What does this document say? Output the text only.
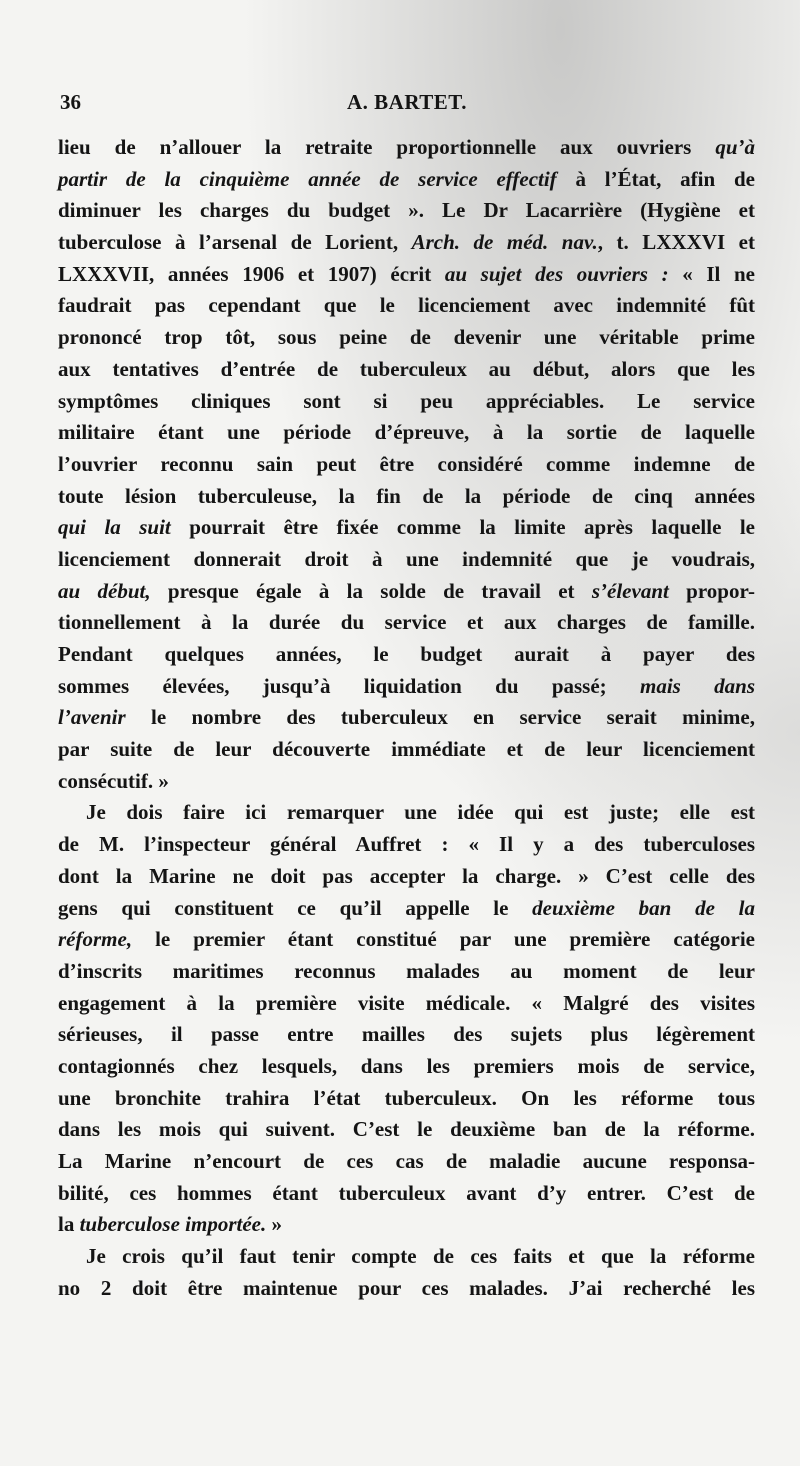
36	A. BARTET.
lieu de n’allouer la retraite proportionnelle aux ouvriers qu’à
partir de la cinquième année de service effectif à l’État, afin de
diminuer les charges du budget ». Le Dr Lacarrière (Hygiène et
tuberculose à l’arsenal de Lorient, Arch. de méd. nav., t. LXXXVI et
LXXXVII, années 1906 et 1907) écrit au sujet des ouvriers : « Il ne
faudrait pas cependant que le licenciement avec indemnité fût
prononcé trop tôt, sous peine de devenir une véritable prime
aux tentatives d’entrée de tuberculeux au début, alors que les
symptômes cliniques sont si peu appréciables. Le service
militaire étant une période d’épreuve, à la sortie de laquelle
l’ouvrier reconnu sain peut être considéré comme indemne de
toute lésion tuberculeuse, la fin de la période de cinq années
qui la suit pourrait être fixée comme la limite après laquelle le
licenciement donnerait droit à une indemnité que je voudrais,
au début, presque égale à la solde de travail et s’élevant propor-
tionnellement à la durée du service et aux charges de famille.
Pendant quelques années, le budget aurait à payer des
sommes élevées, jusqu’à liquidation du passé; mais dans
l’avenir le nombre des tuberculeux en service serait minime,
par suite de leur découverte immédiate et de leur licenciement
consécutif. »
Je dois faire ici remarquer une idée qui est juste; elle est
de M. l’inspecteur général Auffret : « Il y a des tuberculoses
dont la Marine ne doit pas accepter la charge. » C’est celle des
gens qui constituent ce qu’il appelle le deuxième ban de la
réforme, le premier étant constitué par une première catégorie
d’inscrits maritimes reconnus malades au moment de leur
engagement à la première visite médicale. « Malgré des visites
sérieuses, il passe entre mailles des sujets plus légèrement
contagionnés chez lesquels, dans les premiers mois de service,
une bronchite trahira l’état tuberculeux. On les réforme tous
dans les mois qui suivent. C’est le deuxième ban de la réforme.
La Marine n’encourt de ces cas de maladie aucune responsa-
bilité, ces hommes étant tuberculeux avant d’y entrer. C’est de
la tuberculose importée. »
Je crois qu’il faut tenir compte de ces faits et que la réforme
no 2 doit être maintenue pour ces malades. J’ai recherché les
